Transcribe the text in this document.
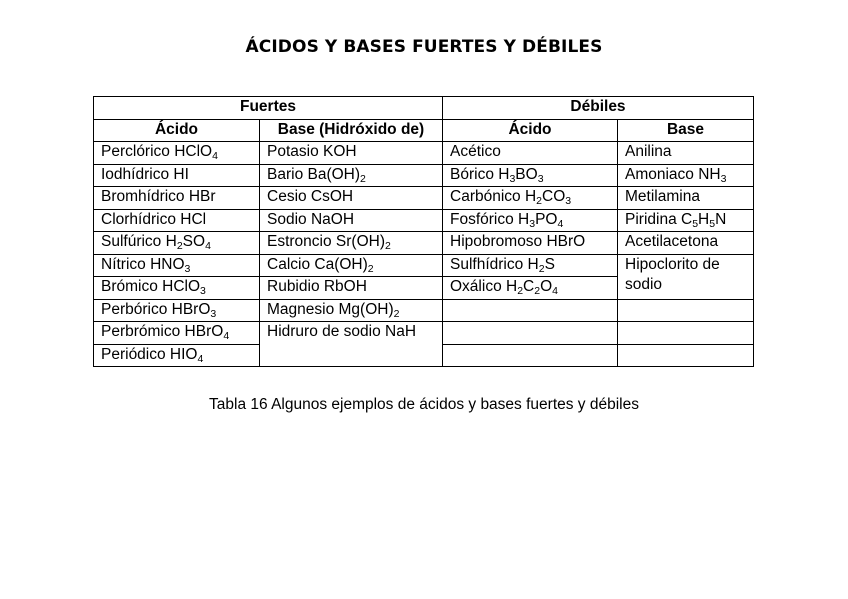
ÁCIDOS Y BASES FUERTES Y DÉBILES
Fuertes		Débiles	
Ácido	Base (Hidróxido de)	Ácido	Base
Perclórico HClO$_4$	Potasio KOH	Acético	Anilina
Iodhídrico HI	Bario $Ba(OH)_2$	Bórico $H_3BO_3$	Amoniaco $NH_3$
Bromhídrico HBr	Cesio CsOH	Carbónico $H_2CO_3$	Metilamina
Clorhídrico HCl	Sodio NaOH	Fosfórico $H_3PO_4$	Piridina $C_5H_5N$
Sulfúrico $H_2SO_4$	Estroncio $Sr(OH)_2$	Hipobromoso HBrO	Acetilacetona
Nítrico $HNO_3$	Calcio $Ca(OH)_2$	Sulfhídrico $H_2S$	Hipoclorito de sodio
Brómico HClO$_3$	Rubidio RbOH	Oxálico $H_2C_2O_4$
Perbórico HBrO$_3$	Magnesio $Mg(OH)_2$		
Perbrómico HBrO$_4$	Hidruro de sodio NaH		
Periódico $HIO_4$		
Tabla 16 Algunos ejemplos de ácidos y bases fuertes y débiles
